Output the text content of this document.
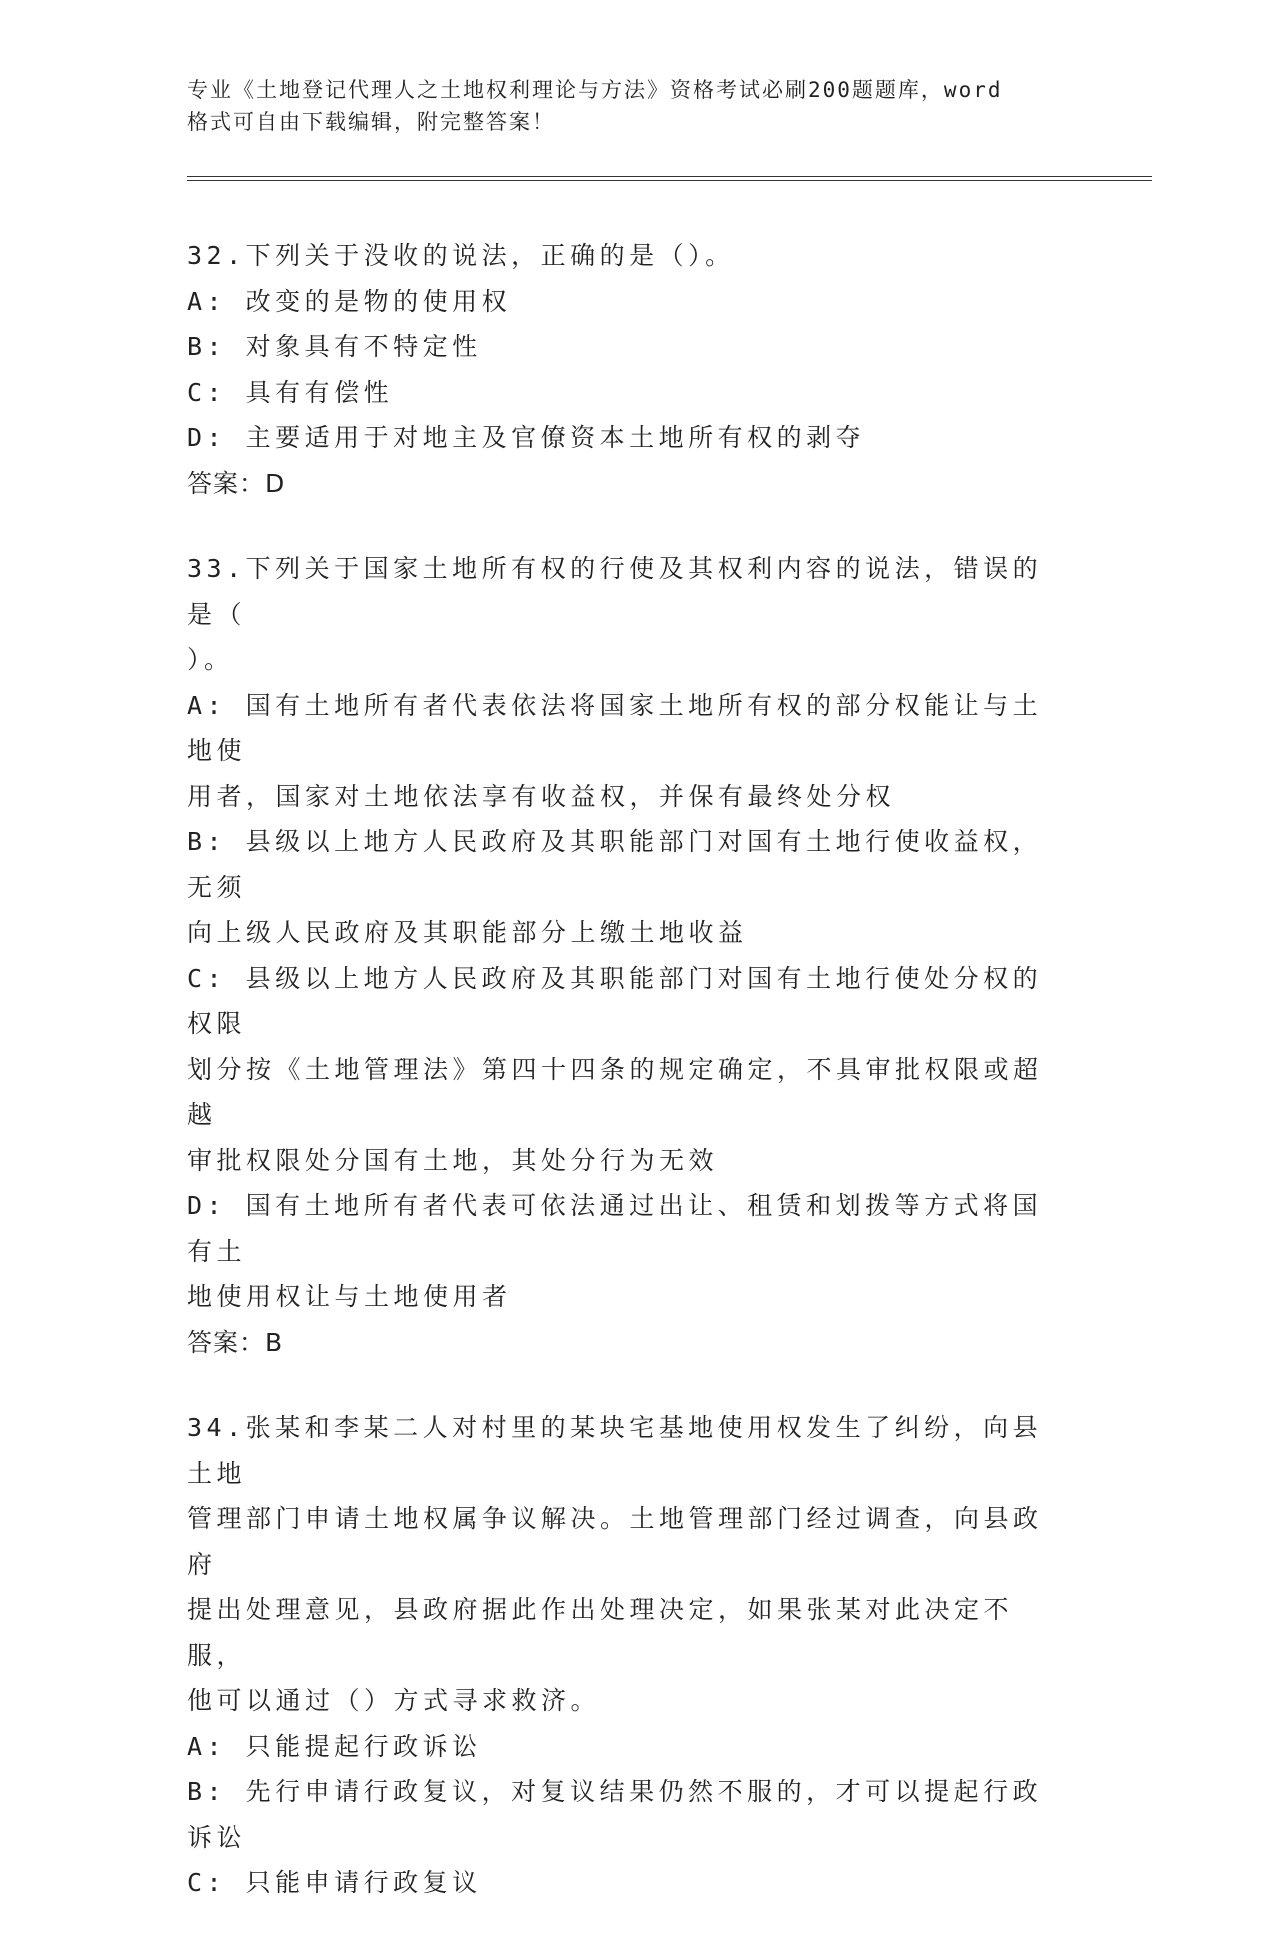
专业《土地登记代理人之土地权利理论与方法》资格考试必刷200题题库，word
格式可自由下载编辑，附完整答案！
32.下列关于没收的说法，正确的是（）。
A: 改变的是物的使用权
B: 对象具有不特定性
C: 具有有偿性
D: 主要适用于对地主及官僚资本土地所有权的剥夺
答案：D
33.下列关于国家土地所有权的行使及其权利内容的说法，错误的是（
）。
A: 国有土地所有者代表依法将国家土地所有权的部分权能让与土地使
用者，国家对土地依法享有收益权，并保有最终处分权
B: 县级以上地方人民政府及其职能部门对国有土地行使收益权，无须
向上级人民政府及其职能部分上缴土地收益
C: 县级以上地方人民政府及其职能部门对国有土地行使处分权的权限
划分按《土地管理法》第四十四条的规定确定，不具审批权限或超越
审批权限处分国有土地，其处分行为无效
D: 国有土地所有者代表可依法通过出让、租赁和划拨等方式将国有土
地使用权让与土地使用者
答案：B
34.张某和李某二人对村里的某块宅基地使用权发生了纠纷，向县土地
管理部门申请土地权属争议解决。土地管理部门经过调查，向县政府
提出处理意见，县政府据此作出处理决定，如果张某对此决定不服，
他可以通过（）方式寻求救济。
A: 只能提起行政诉讼
B: 先行申请行政复议，对复议结果仍然不服的，才可以提起行政诉讼
C: 只能申请行政复议
